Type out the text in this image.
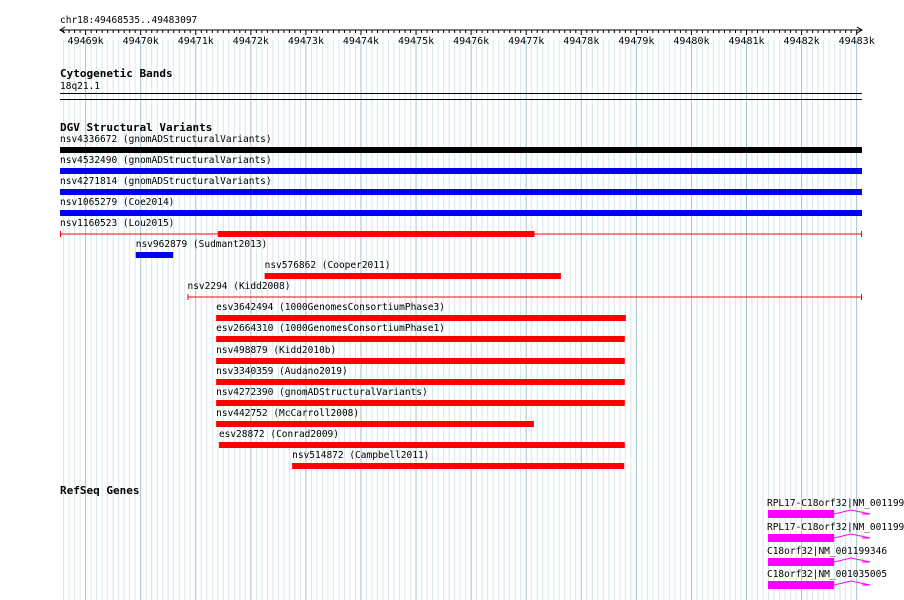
chr18:49468535..49483097
49469k 49470k 49471k 49472k 49473k 49474k 49475k 49476k 49477k 49478k 49479k 49480k 49481k 49482k 49483k
Cytogenetic Bands
18q21.1
DGV Structural Variants
nsv4336672 (gnomADStructuralVariants)
nsv4532490 (gnomADStructuralVariants)
nsv4271814 (gnomADStructuralVariants)
nsv1065279 (Coe2014)
nsv1160523 (Lou2015)
nsv962879 (Sudmant2013)
nsv576862 (Cooper2011)
nsv2294 (Kidd2008)
esv3642494 (1000GenomesConsortiumPhase3)
esv2664310 (1000GenomesConsortiumPhase1)
nsv498879 (Kidd2010b)
nsv3340359 (Audano2019)
nsv4272390 (gnomADStructuralVariants)
nsv442752 (McCarroll2008)
esv28872 (Conrad2009)
nsv514872 (Campbell2011)
RefSeq Genes
RPL17-C18orf32|NM_001199
RPL17-C18orf32|NM_001199
C18orf32|NM_001199346
C18orf32|NM_001035005
